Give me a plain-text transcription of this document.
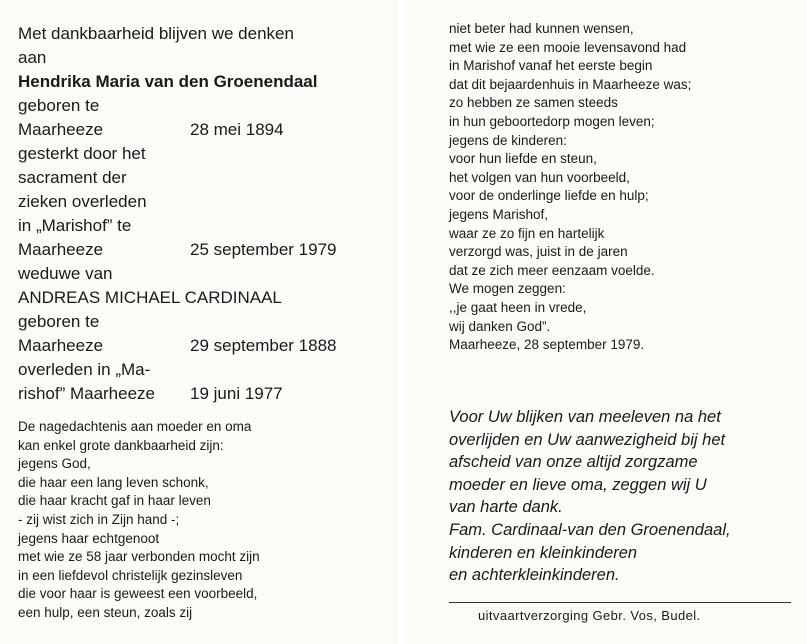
Met dankbaarheid blijven we denken
aan
Hendrika Maria van den Groenendaal
geboren te
Maarheeze	28 mei 1894
gesterkt door het
sacrament der
zieken overleden
in „Marishof” te
Maarheeze	25 september 1979
weduwe van
ANDREAS MICHAEL CARDINAAL
geboren te
Maarheeze	29 september 1888
overleden in „Ma-
rishof” Maarheeze 19 juni 1977
De nagedachtenis aan moeder en oma
kan enkel grote dankbaarheid zijn:
jegens God,
die haar een lang leven schonk,
die haar kracht gaf in haar leven
- zij wist zich in Zijn hand -;
jegens haar echtgenoot
met wie ze 58 jaar verbonden mocht zijn
in een liefdevol christelijk gezinsleven
die voor haar is geweest een voorbeeld,
een hulp, een steun, zoals zij
niet beter had kunnen wensen,
met wie ze een mooie levensavond had
in Marishof vanaf het eerste begin
dat dit bejaardenhuis in Maarheeze was;
zo hebben ze samen steeds
in hun geboortedorp mogen leven;
jegens de kinderen:
voor hun liefde en steun,
het volgen van hun voorbeeld,
voor de onderlinge liefde en hulp;
jegens Marishof,
waar ze zo fijn en hartelijk
verzorgd was, juist in de jaren
dat ze zich meer eenzaam voelde.
We mogen zeggen:
,,je gaat heen in vrede,
wij danken God”.
Maarheeze, 28 september 1979.
Voor Uw blijken van meeleven na het
overlijden en Uw aanwezigheid bij het
afscheid van onze altijd zorgzame
moeder en lieve oma, zeggen wij U
van harte dank.
Fam. Cardinaal-van den Groenendaal,
kinderen en kleinkinderen
en achterkleinkinderen.
uitvaartverzorging Gebr. Vos, Budel.
